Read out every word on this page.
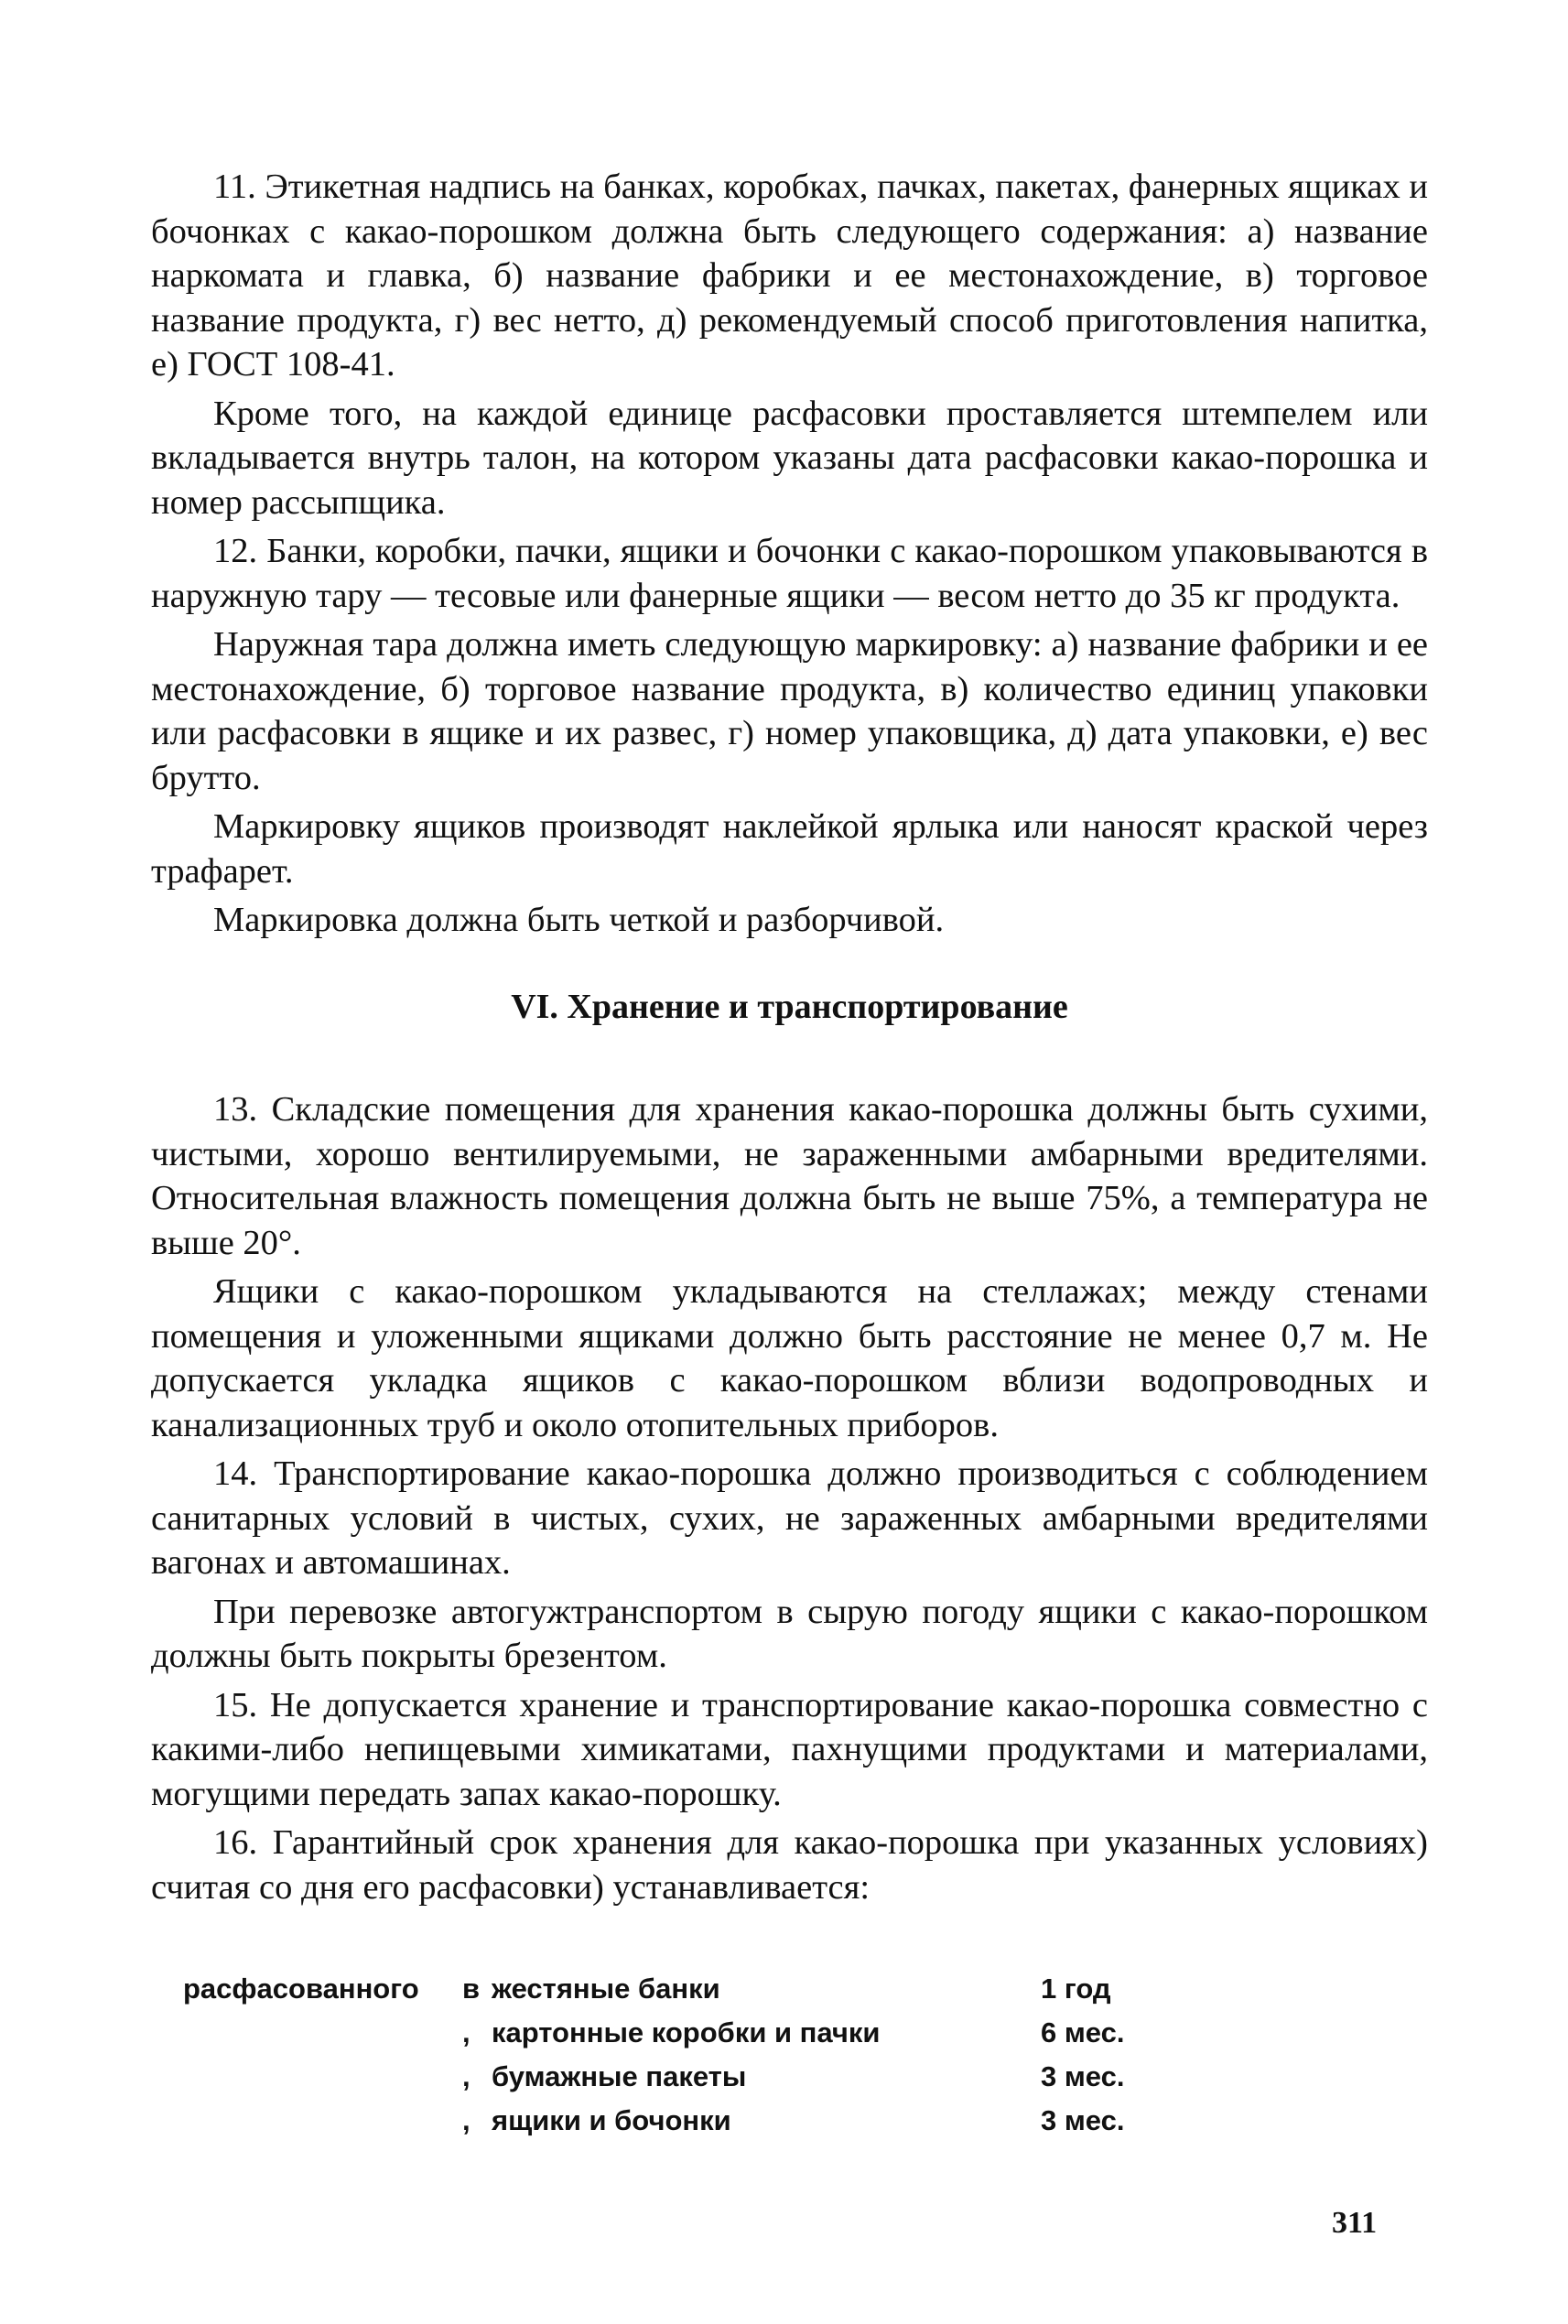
11. Этикетная надпись на банках, коробках, пачках, пакетах, фанерных ящиках и бочонках с какао-порошком должна быть следующего содержания: а) название наркомата и главка, б) название фабрики и ее местонахождение, в) торговое название продукта, г) вес нетто, д) рекомендуемый способ приготовления напитка, е) ГОСТ 108-41.

Кроме того, на каждой единице расфасовки проставляется штемпелем или вкладывается внутрь талон, на котором указаны дата расфасовки какао-порошка и номер рассыпщика.

12. Банки, коробки, пачки, ящики и бочонки с какао-порошком упаковываются в наружную тару — тесовые или фанерные ящики — весом нетто до 35 кг продукта.

Наружная тара должна иметь следующую маркировку: а) название фабрики и ее местонахождение, б) торговое название продукта, в) количество единиц упаковки или расфасовки в ящике и их развес, г) номер упаковщика, д) дата упаковки, е) вес брутто.

Маркировку ящиков производят наклейкой ярлыка или наносят краской через трафарет.

Маркировка должна быть четкой и разборчивой.

VI. Хранение и транспортирование

13. Складские помещения для хранения какао-порошка должны быть сухими, чистыми, хорошо вентилируемыми, не зараженными амбарными вредителями. Относительная влажность помещения должна быть не выше 75%, а температура не выше 20°.

Ящики с какао-порошком укладываются на стеллажах; между стенами помещения и уложенными ящиками должно быть расстояние не менее 0,7 м. Не допускается укладка ящиков с какао-порошком вблизи водопроводных и канализационных труб и около отопительных приборов.

14. Транспортирование какао-порошка должно производиться с соблюдением санитарных условий в чистых, сухих, не зараженных амбарными вредителями вагонах и автомашинах.

При перевозке автогужтранспортом в сырую погоду ящики с какао-порошком должны быть покрыты брезентом.

15. Не допускается хранение и транспортирование какао-порошка совместно с какими-либо непищевыми химикатами, пахнущими продуктами и материалами, могущими передать запах какао-порошку.

16. Гарантийный срок хранения для какао-порошка при указанных условиях) считая со дня его расфасовки) устанавливается:

расфасованного	в	жестяные банки	1 год
	,	картонные коробки и пачки	6 мес.
	,	бумажные пакеты	3 мес.
	,	ящики и бочонки	3 мес.
311
